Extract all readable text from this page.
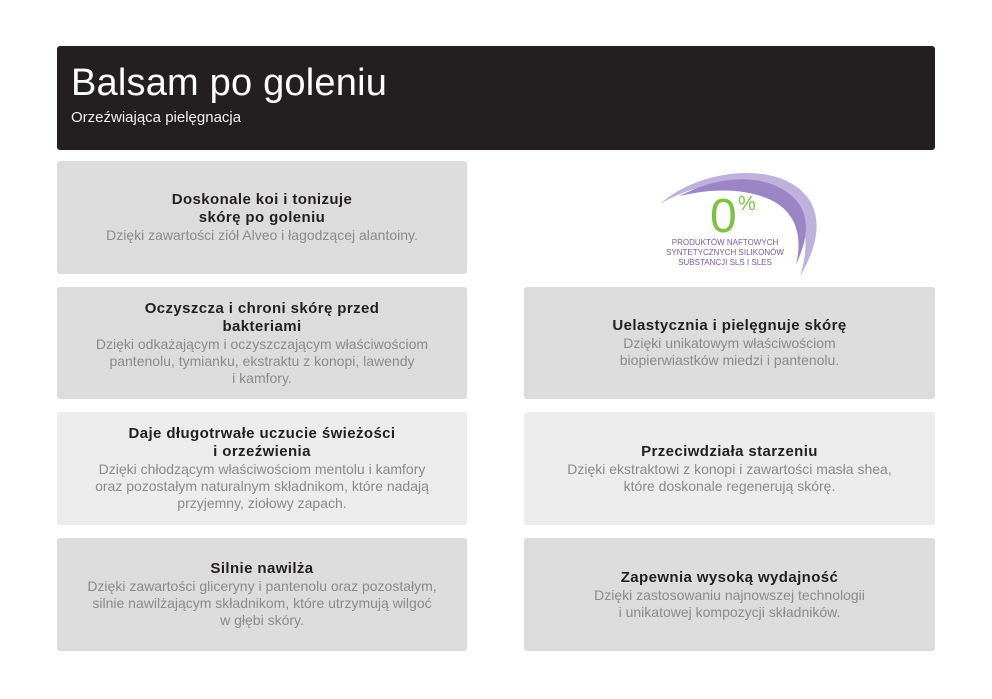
Balsam po goleniu
Orzeźwiająca pielęgnacja
Doskonale koi i tonizuje
skórę po goleniu
Dzięki zawartości ziół Alveo i łagodzącej alantoiny.
Oczyszcza i chroni skórę przed
bakteriami
Dzięki odkażającym i oczyszczającym właściwościom
pantenolu, tymianku, ekstraktu z konopi, lawendy
i kamfory.
Daje długotrwałe uczucie świeżości
i orzeźwienia
Dzięki chłodzącym właściwościom mentolu i kamfory
oraz pozostałym naturalnym składnikom, które nadają
przyjemny, ziołowy zapach.
Silnie nawilża
Dzięki zawartości gliceryny i pantenolu oraz pozostałym,
silnie nawilżającym składnikom, które utrzymują wilgoć
w głębi skóry.
0 %
PRODUKTÓW NAFTOWYCH
SYNTETYCZNYCH SILIKONÓW
SUBSTANCJI SLS I SLES
Uelastycznia i pielęgnuje skórę
Dzięki unikatowym właściwościom
biopierwiastków miedzi i pantenolu.
Przeciwdziała starzeniu
Dzięki ekstraktowi z konopi i zawartości masła shea,
które doskonale regenerują skórę.
Zapewnia wysoką wydajność
Dzięki zastosowaniu najnowszej technologii
i unikatowej kompozycji składników.
